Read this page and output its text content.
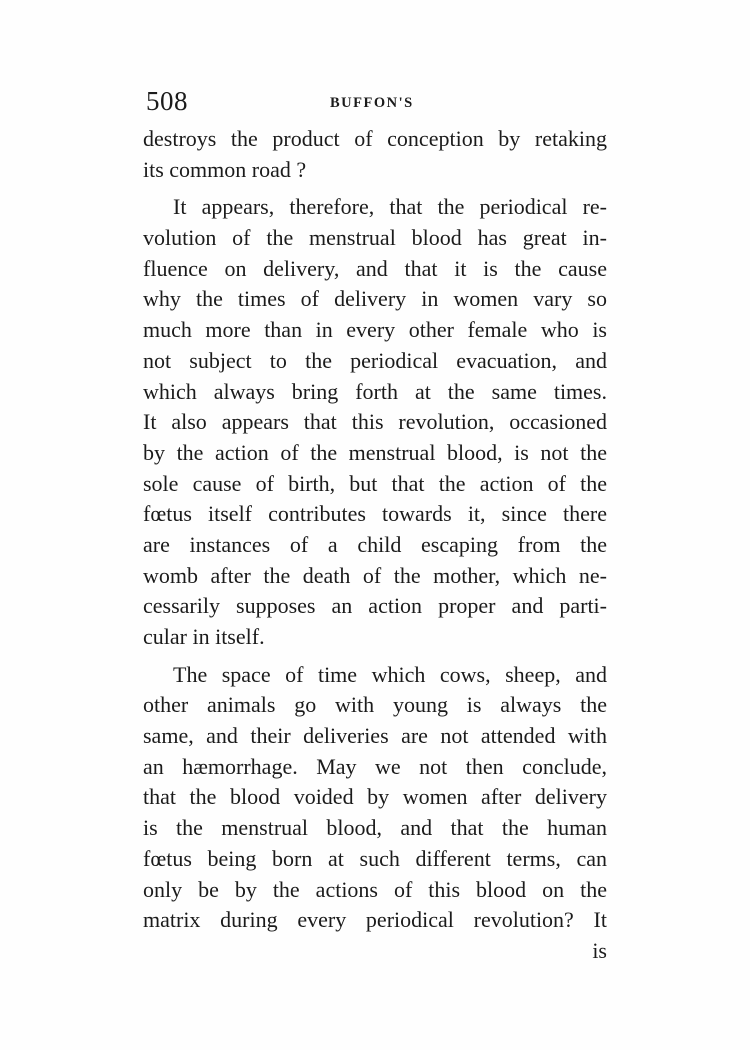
508	BUFFON'S
destroys the product of conception by retaking
its common road ?
It appears, therefore, that the periodical re-
volution of the menstrual blood has great in-
fluence on delivery, and that it is the cause
why the times of delivery in women vary so
much more than in every other female who is
not subject to the periodical evacuation, and
which always bring forth at the same times.
It also appears that this revolution, occasioned
by the action of the menstrual blood, is not the
sole cause of birth, but that the action of the
fœtus itself contributes towards it, since there
are instances of a child escaping from the
womb after the death of the mother, which ne-
cessarily supposes an action proper and parti-
cular in itself.
The space of time which cows, sheep, and
other animals go with young is always the
same, and their deliveries are not attended with
an hæmorrhage. May we not then conclude,
that the blood voided by women after delivery
is the menstrual blood, and that the human
fœtus being born at such different terms, can
only be by the actions of this blood on the
matrix during every periodical revolution? It
is
